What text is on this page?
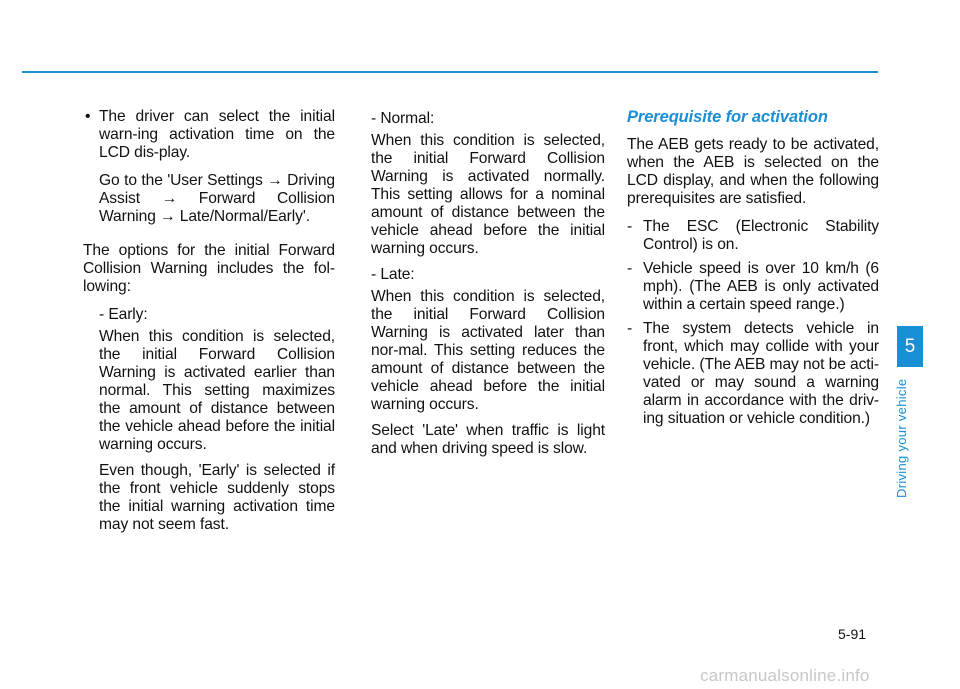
• The driver can select the initial warn-ing activation time on the LCD dis-play.
Go to the 'User Settings → Driving Assist → Forward Collision Warning → Late/Normal/Early'.

The options for the initial Forward Collision Warning includes the fol-lowing:

- Early:
When this condition is selected, the initial Forward Collision Warning is activated earlier than normal. This setting maximizes the amount of distance between the vehicle ahead before the initial warning occurs.
Even though, 'Early' is selected if the front vehicle suddenly stops the initial warning activation time may not seem fast.
- Normal:
When this condition is selected, the initial Forward Collision Warning is activated normally. This setting allows for a nominal amount of distance between the vehicle ahead before the initial warning occurs.
- Late:
When this condition is selected, the initial Forward Collision Warning is activated later than nor-mal. This setting reduces the amount of distance between the vehicle ahead before the initial warning occurs.
Select 'Late' when traffic is light and when driving speed is slow.
Prerequisite for activation

The AEB gets ready to be activated, when the AEB is selected on the LCD display, and when the following prerequisites are satisfied.

- The ESC (Electronic Stability Control) is on.
- Vehicle speed is over 10 km/h (6 mph). (The AEB is only activated within a certain speed range.)
- The system detects vehicle in front, which may collide with your vehicle. (The AEB may not be acti-vated or may sound a warning alarm in accordance with the driv-ing situation or vehicle condition.)
5
Driving your vehicle
5-91
carmanualsonline.info
